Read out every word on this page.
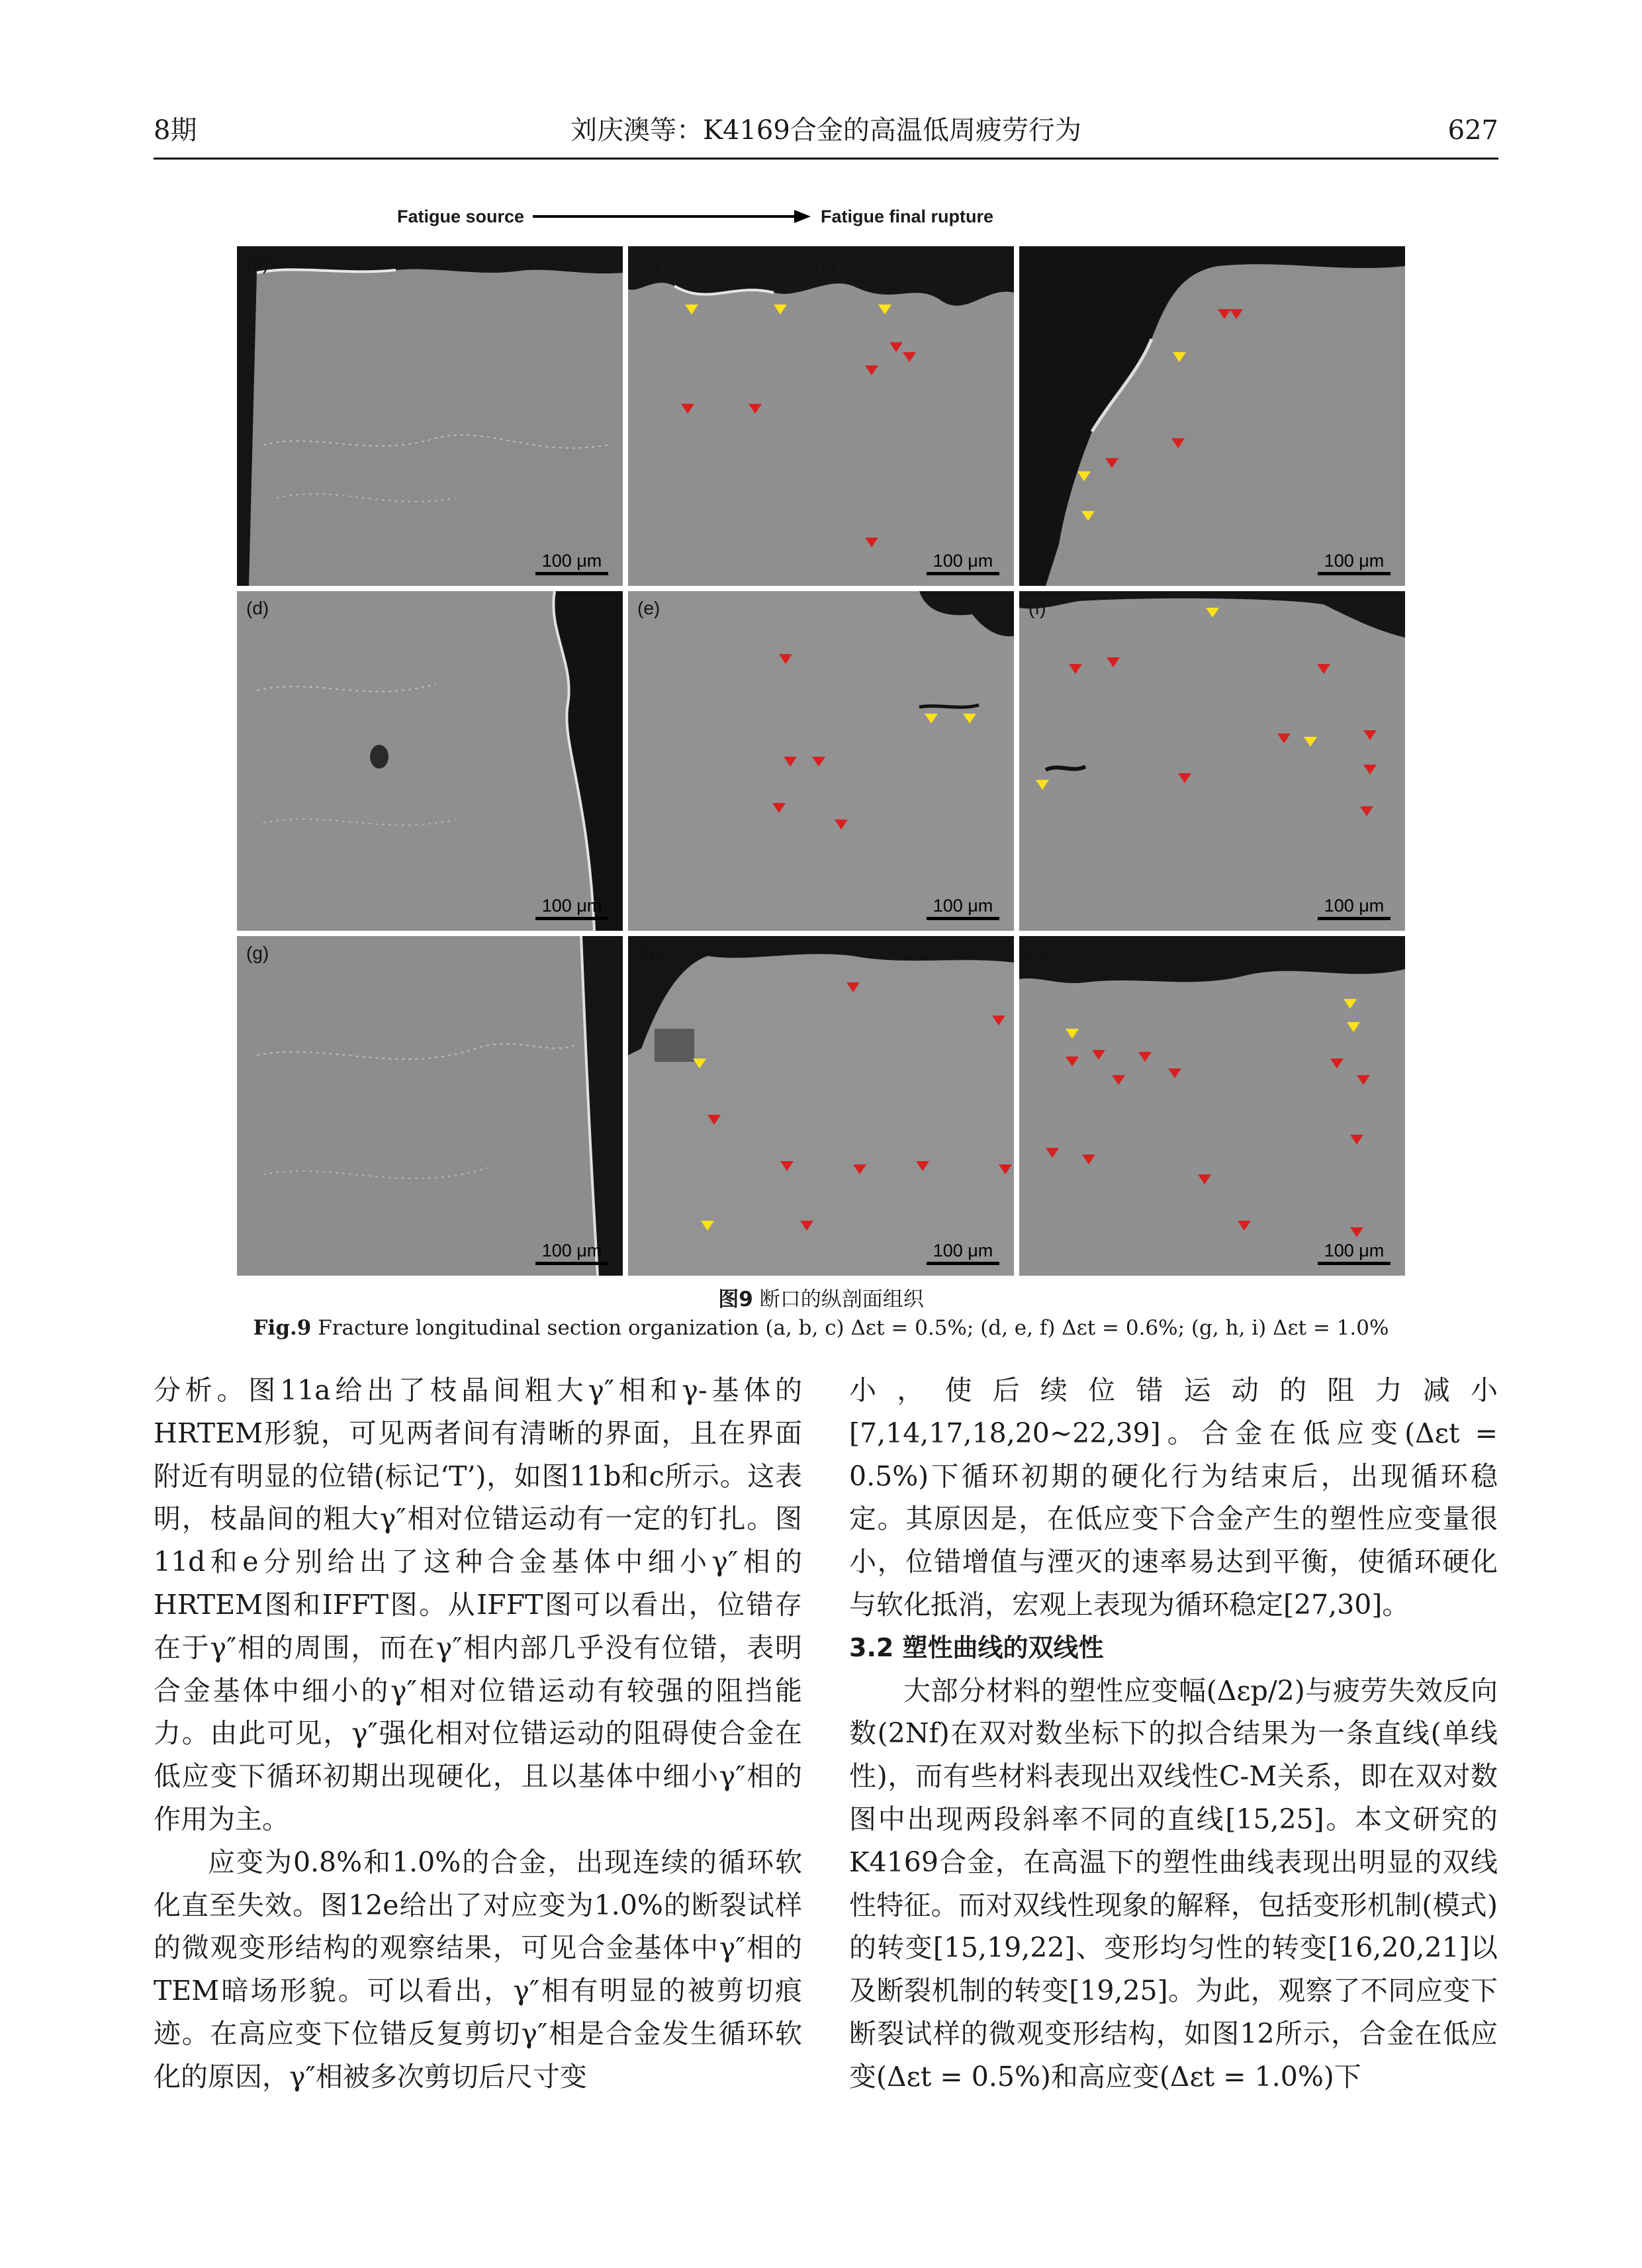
8期	刘庆澳等：K4169合金的高温低周疲劳行为	627
Fatigue source	Fatigue final rupture
(a)
100 μm
(b)	(c)
100 μm
(c)
100 μm
(d)
100 μm
(e)
100 μm
(f)
100 μm
(g)
100 μm
(h)
100 μm
(i)
100 μm
图9 断口的纵剖面组织
Fig.9 Fracture longitudinal section organization (a, b, c) Δεt = 0.5%; (d, e, f) Δεt = 0.6%; (g, h, i) Δεt = 1.0%

分析。图11a给出了枝晶间粗大γ″相和γ-基体的HRTEM形貌，可见两者间有清晰的界面，且在界面附近有明显的位错(标记‘T’)，如图11b和c所示。这表明，枝晶间的粗大γ″相对位错运动有一定的钉扎。图11d和e分别给出了这种合金基体中细小γ″相的HRTEM图和IFFT图。从IFFT图可以看出，位错存在于γ″相的周围，而在γ″相内部几乎没有位错，表明合金基体中细小的γ″相对位错运动有较强的阻挡能力。由此可见，γ″强化相对位错运动的阻碍使合金在低应变下循环初期出现硬化，且以基体中细小γ″相的作用为主。

应变为0.8%和1.0%的合金，出现连续的循环软化直至失效。图12e给出了对应变为1.0%的断裂试样的微观变形结构的观察结果，可见合金基体中γ″相的TEM暗场形貌。可以看出，γ″相有明显的被剪切痕迹。在高应变下位错反复剪切γ″相是合金发生循环软化的原因，γ″相被多次剪切后尺寸变

小，使后续位错运动的阻力减小[7,14,17,18,20~22,39]。合金在低应变(Δεt = 0.5%)下循环初期的硬化行为结束后，出现循环稳定。其原因是，在低应变下合金产生的塑性应变量很小，位错增值与湮灭的速率易达到平衡，使循环硬化与软化抵消，宏观上表现为循环稳定[27,30]。

3.2 塑性曲线的双线性

大部分材料的塑性应变幅(Δεp/2)与疲劳失效反向数(2Nf)在双对数坐标下的拟合结果为一条直线(单线性)，而有些材料表现出双线性C-M关系，即在双对数图中出现两段斜率不同的直线[15,25]。本文研究的K4169合金，在高温下的塑性曲线表现出明显的双线性特征。而对双线性现象的解释，包括变形机制(模式)的转变[15,19,22]、变形均匀性的转变[16,20,21]以及断裂机制的转变[19,25]。为此，观察了不同应变下断裂试样的微观变形结构，如图12所示，合金在低应变(Δεt = 0.5%)和高应变(Δεt = 1.0%)下
